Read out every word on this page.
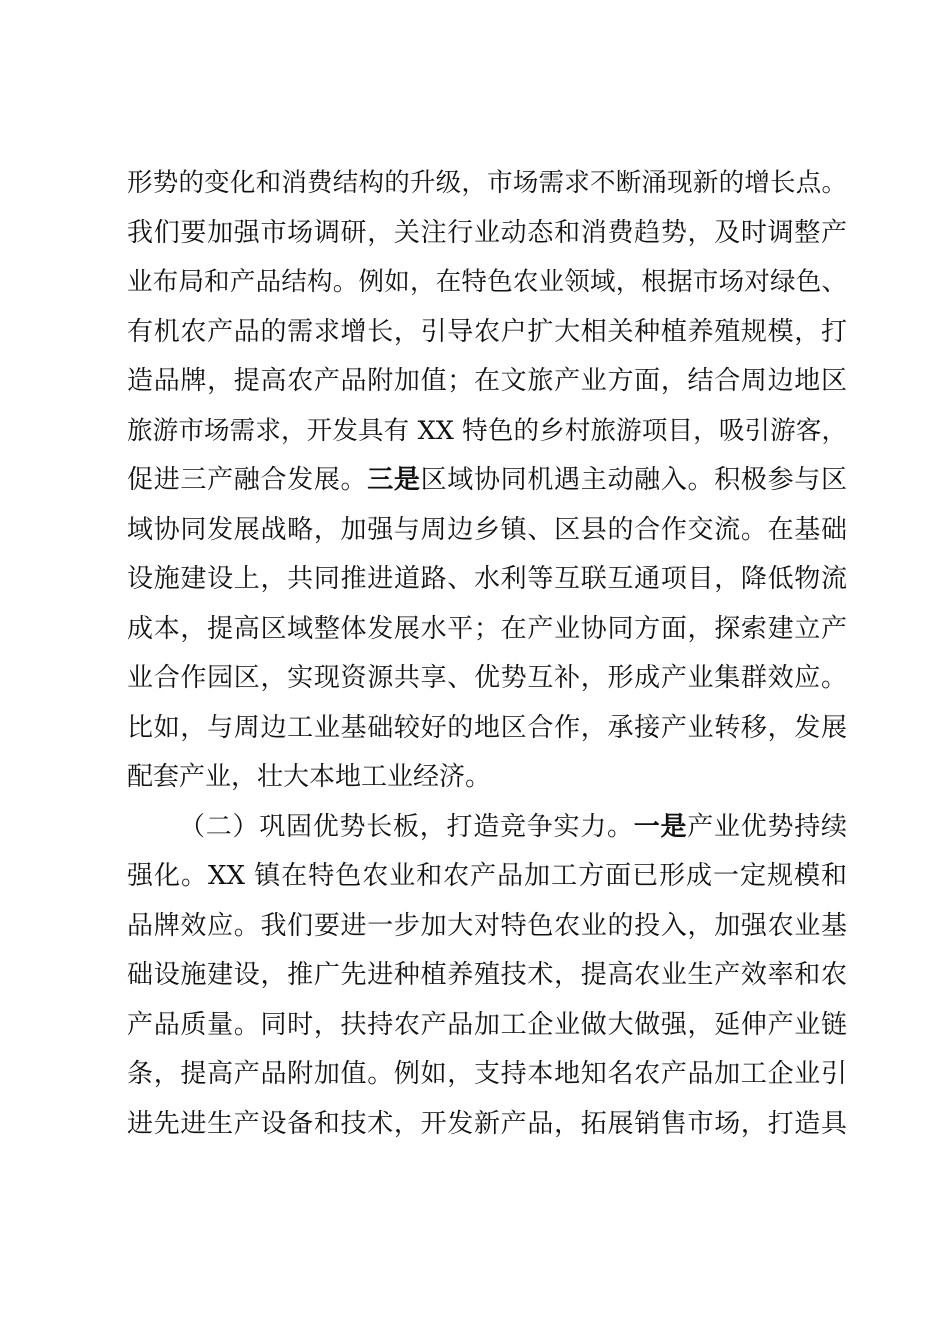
形势的变化和消费结构的升级，市场需求不断涌现新的增长点。
我们要加强市场调研，关注行业动态和消费趋势，及时调整产
业布局和产品结构。例如，在特色农业领域，根据市场对绿色、
有机农产品的需求增长，引导农户扩大相关种植养殖规模，打
造品牌，提高农产品附加值；在文旅产业方面，结合周边地区
旅游市场需求，开发具有 XX 特色的乡村旅游项目，吸引游客，
促进三产融合发展。三是区域协同机遇主动融入。积极参与区
域协同发展战略，加强与周边乡镇、区县的合作交流。在基础
设施建设上，共同推进道路、水利等互联互通项目，降低物流
成本，提高区域整体发展水平；在产业协同方面，探索建立产
业合作园区，实现资源共享、优势互补，形成产业集群效应。
比如，与周边工业基础较好的地区合作，承接产业转移，发展
配套产业，壮大本地工业经济。
（二）巩固优势长板，打造竞争实力。一是产业优势持续
强化。XX 镇在特色农业和农产品加工方面已形成一定规模和
品牌效应。我们要进一步加大对特色农业的投入，加强农业基
础设施建设，推广先进种植养殖技术，提高农业生产效率和农
产品质量。同时，扶持农产品加工企业做大做强，延伸产业链
条，提高产品附加值。例如，支持本地知名农产品加工企业引
进先进生产设备和技术，开发新产品，拓展销售市场，打造具
